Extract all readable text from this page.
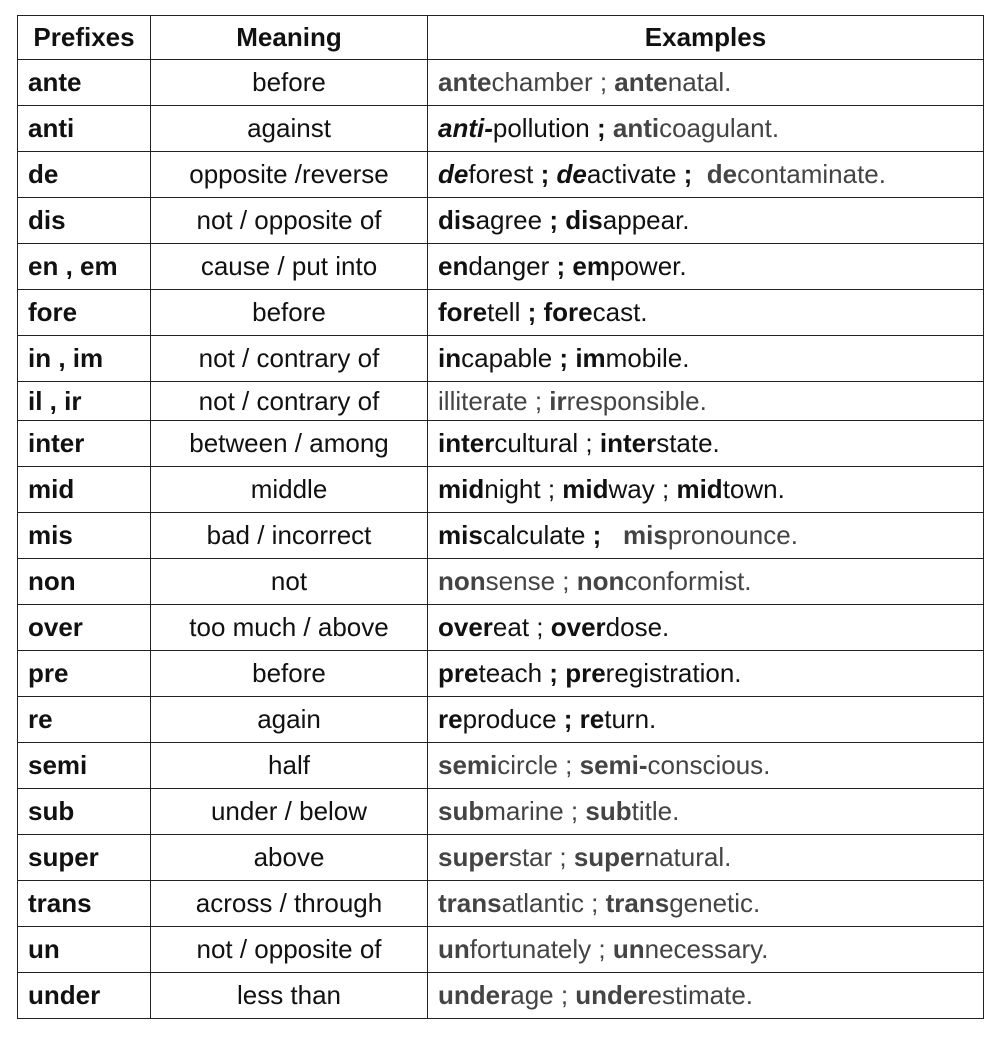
Prefixes	Meaning	Examples
ante	before	antechamber ; antenatal.
anti	against	anti-pollution ; anticoagulant.
de	opposite /reverse	deforest ; deactivate ;  decontaminate.
dis	not / opposite of	disagree ; disappear.
en , em	cause / put into	endanger ; empower.
fore	before	foretell ; forecast.
in , im	not / contrary of	incapable ; immobile.
il , ir	not / contrary of	illiterate ; irresponsible.
inter	between / among	intercultural ; interstate.
mid	middle	midnight ; midway ; midtown.
mis	bad / incorrect	miscalculate ;   mispronounce.
non	not	nonsense ; nonconformist.
over	too much / above	overeat ; overdose.
pre	before	preteach ; preregistration.
re	again	reproduce ; return.
semi	half	semicircle ; semi-conscious.
sub	under / below	submarine ; subtitle.
super	above	superstar ; supernatural.
trans	across / through	transatlantic ; transgenetic.
un	not / opposite of	unfortunately ; unnecessary.
under	less than	underage ; underestimate.
